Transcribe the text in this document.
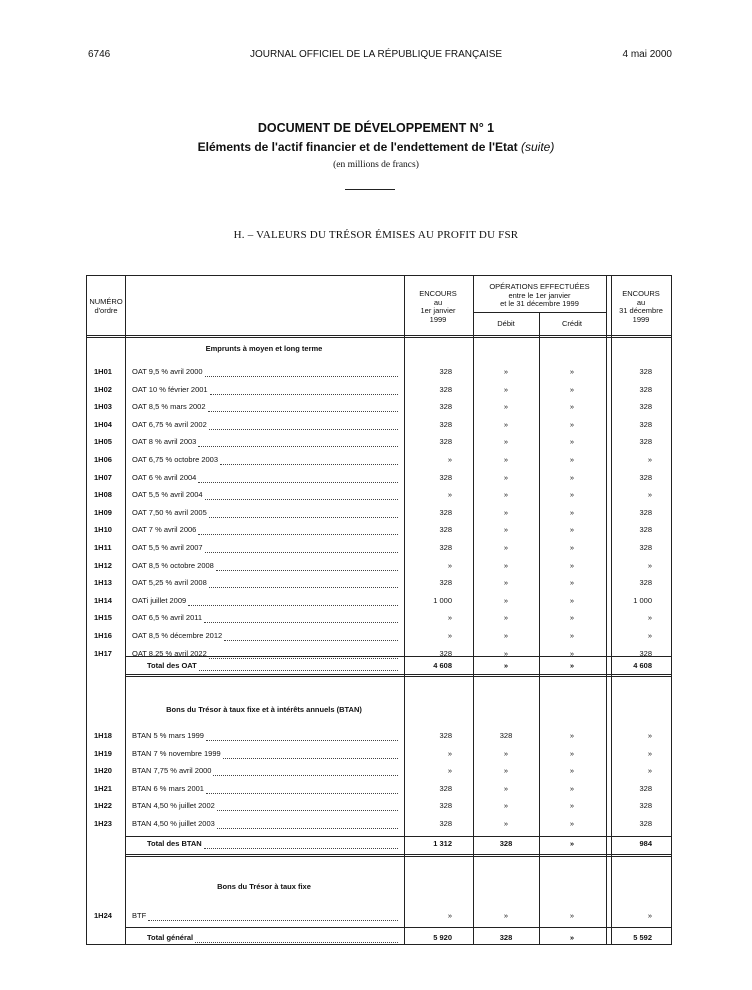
6746	JOURNAL OFFICIEL DE LA RÉPUBLIQUE FRANÇAISE	4 mai 2000
DOCUMENT DE DÉVELOPPEMENT N° 1
Eléments de l'actif financier et de l'endettement de l'Etat (suite)
(en millions de francs)
H. – VALEURS DU TRÉSOR ÉMISES AU PROFIT DU FSR
NUMÉRO
d'ordre
ENCOURS
au
1er janvier
1999
OPÉRATIONS EFFECTUÉES
entre le 1er janvier
et le 31 décembre 1999
Débit	Crédit
ENCOURS
au
31 décembre
1999
Emprunts à moyen et long terme
1H01	OAT 9,5 % avril 2000	328	»	»	328
1H02	OAT 10 % février 2001	328	»	»	328
1H03	OAT 8,5 % mars 2002	328	»	»	328
1H04	OAT 6,75 % avril 2002	328	»	»	328
1H05	OAT 8 % avril 2003	328	»	»	328
1H06	OAT 6,75 % octobre 2003	»	»	»	»
1H07	OAT 6 % avril 2004	328	»	»	328
1H08	OAT 5,5 % avril 2004	»	»	»	»
1H09	OAT 7,50 % avril 2005	328	»	»	328
1H10	OAT 7 % avril 2006	328	»	»	328
1H11	OAT 5,5 % avril 2007	328	»	»	328
1H12	OAT 8,5 % octobre 2008	»	»	»	»
1H13	OAT 5,25 % avril 2008	328	»	»	328
1H14	OATi juillet 2009	1 000	»	»	1 000
1H15	OAT 6,5 % avril 2011	»	»	»	»
1H16	OAT 8,5 % décembre 2012	»	»	»	»
1H17	OAT 8,25 % avril 2022	328	»	»	328
Total des OAT	4 608	»	»	4 608
Bons du Trésor à taux fixe et à intérêts annuels (BTAN)
1H18	BTAN 5 % mars 1999	328	328	»	»
1H19	BTAN 7 % novembre 1999	»	»	»	»
1H20	BTAN 7,75 % avril 2000	»	»	»	»
1H21	BTAN 6 % mars 2001	328	»	»	328
1H22	BTAN 4,50 % juillet 2002	328	»	»	328
1H23	BTAN 4,50 % juillet 2003	328	»	»	328
Total des BTAN	1 312	328	»	984
Bons du Trésor à taux fixe
1H24	BTF	»	»	»	»
Total général	5 920	328	»	5 592
